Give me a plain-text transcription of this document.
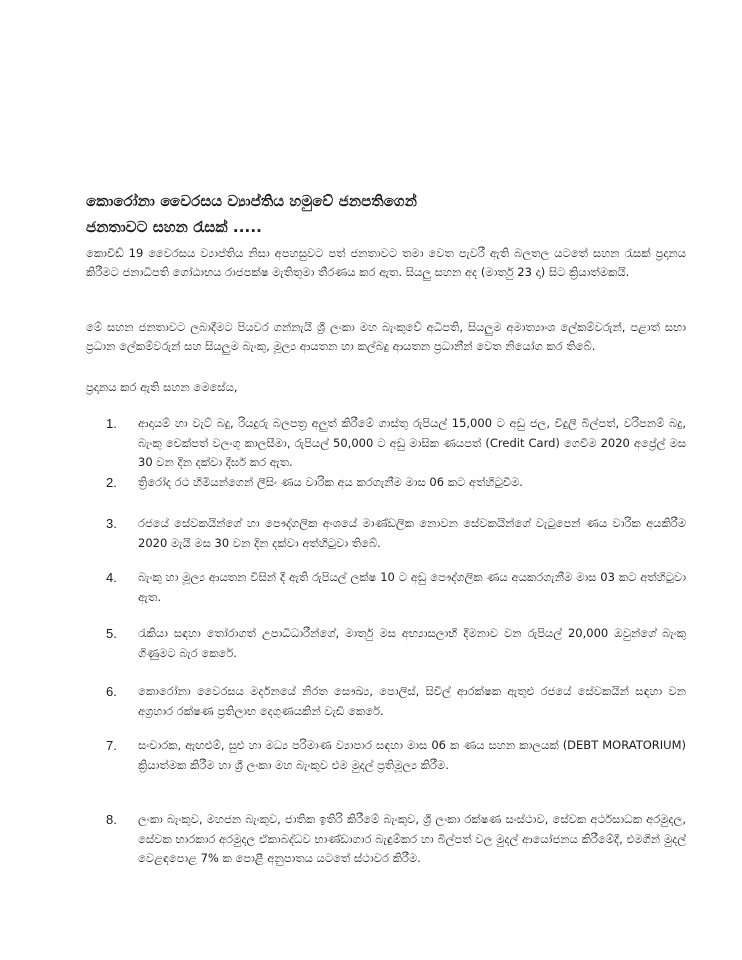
කොරෝනා වෛරසය ව්‍යාප්තිය හමුවේ ජනපතිගෙන්
ජනතාවට සහන රැසක් .....
කොවිඩ් 19 වෛරසය ව්‍යාප්තිය නිසා අපහසුවට පත් ජනතාවට තමා වෙත පැවරී ඇති බලතල යටතේ සහන රැසක් ප්‍රදානය කිරීමට ජනාධිපති ගෝඨාභය රාජපක්ෂ මැතිතුමා තීරණය කර ඇත. සියලු සහන අද (මාර්තු 23 දා) සිට ක්‍රියාත්මකයි.
මේ සහන ජනතාවට ලබාදීමට පියවර ගන්නැයි ශ්‍රී ලංකා මහ බැංකුවේ අධිපති, සියලුම අමාත්‍යාංශ ලේකම්වරුන්, පළාත් සභා ප්‍රධාන ලේකම්වරුන් සහ සියලුම බැංකු, මූල්‍ය ආයතන හා කල්බදු ආයතන ප්‍රධානීන් වෙත නියෝග කර තිබේ.
ප්‍රදානය කර ඇති සහන මෙසේය,
1. ආදායම් හා වැට් බදු, රියදුරු බලපත්‍ර අලුත් කිරීමේ ගාස්තු රුපියල් 15,000 ට අඩු ජල, විදුලි බිල්පත්, වරිපනම් බදු, බැංකු චෙක්පත් වලංගු කාලසීමා, රුපියල් 50,000 ට අඩු මාසික ණයපත් (Credit Card) ගෙවීම 2020 අප්‍රේල් මස 30 වන දින දක්වා දීර්ඝ කර ඇත.
2. ත්‍රිරෝද රථ හිමියන්ගෙන් ලීසිං ණය වාරික අය කරගැනීම මාස 06 කට අත්හිටුවීම.
3. රජයේ සේවකයින්ගේ හා පෞද්ගලික අංශයේ මාණ්ඩලික නොවන සේවකයින්ගේ වැටුපෙන් ණය වාරික අයකිරීම 2020 මැයි මස 30 වන දින දක්වා අත්හිටුවා තිබේ.
4. බැංකු හා මූල්‍ය ආයතන විසින් දී ඇති රුපියල් ලක්ෂ 10 ට අඩු පෞද්ගලික ණය අයකරගැනීම මාස 03 කට අත්හිටුවා ඇත.
5. රැකියා සඳහා තෝරාගත් උපාධිධාරීන්ගේ, මාර්තු මස අභ්‍යාසලාභී දීමනාව වන රුපියල් 20,000 ඔවුන්ගේ බැංකු ගිණුමට බැර කෙරේ.
6. කොරෝනා වෛරසය මර්දනයේ නිරත සෞඛ්‍ය, පොලිස්, සිවිල් ආරක්ෂක ඇතුළු රජයේ සේවකයින් සඳහා වන අග්‍රහාර රක්ෂණ ප්‍රතිලාභ දෙගුණයකින් වැඩි කෙරේ.
7. සංචාරක, ඇඟළුම්, සුළු හා මධ්‍ය පරිමාණ ව්‍යාපාර සඳහා මාස 06 ක ණය සහන කාලයක් (DEBT MORATORIUM) ක්‍රියාත්මක කිරීම හා ශ්‍රී ලංකා මහ බැංකුව එම මුදල් ප්‍රතිමූල්‍ය කිරීම.
8. ලංකා බැංකුව, මහජන බැංකුව, ජාතික ඉතිරි කිරීමේ බැංකුව, ශ්‍රී ලංකා රක්ෂණ සංස්ථාව, සේවක අර්ථසාධක අරමුදල, සේවක භාරකාර අරමුදල ඒකාබද්ධව භාණ්ඩාගාර බැඳුම්කර හා බිල්පත් වල මුදල් ආයෝජනය කිරීමේදී, එමගින් මුදල් වෙළඳපොළ 7% ක පොළී අනුපාතය යටතේ ස්ථාවර කිරීම.
